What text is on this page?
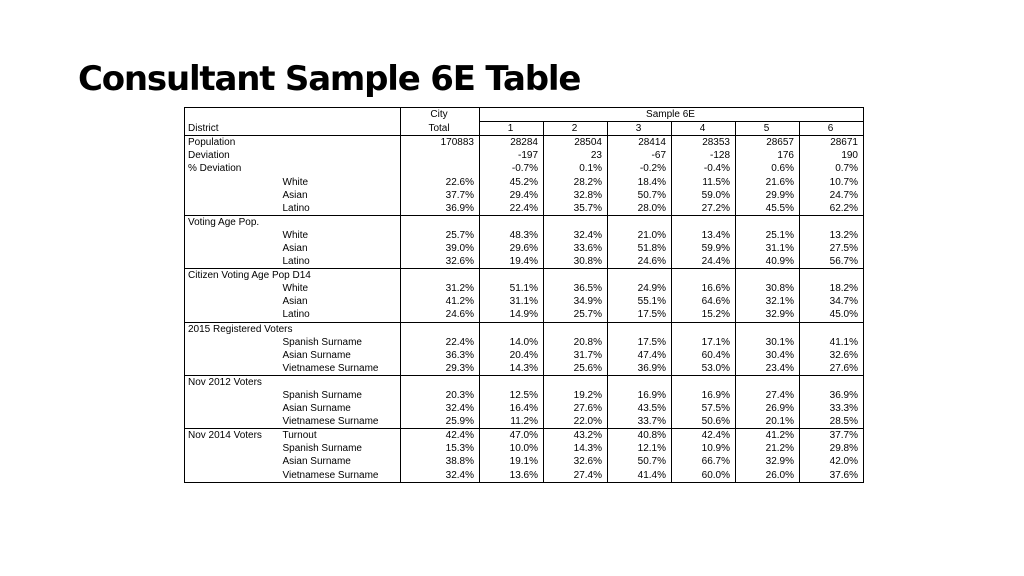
Consultant Sample 6E Table
		City	Sample 6E					
District		Total	1	2	3	4	5	6
Population		170883	28284	28504	28414	28353	28657	28671
Deviation			-197	23	-67	-128	176	190
% Deviation			-0.7%	0.1%	-0.2%	-0.4%	0.6%	0.7%
	White	22.6%	45.2%	28.2%	18.4%	11.5%	21.6%	10.7%
	Asian	37.7%	29.4%	32.8%	50.7%	59.0%	29.9%	24.7%
	Latino	36.9%	22.4%	35.7%	28.0%	27.2%	45.5%	62.2%
Voting Age Pop.								
	White	25.7%	48.3%	32.4%	21.0%	13.4%	25.1%	13.2%
	Asian	39.0%	29.6%	33.6%	51.8%	59.9%	31.1%	27.5%
	Latino	32.6%	19.4%	30.8%	24.6%	24.4%	40.9%	56.7%
Citizen Voting Age Pop D14								
	White	31.2%	51.1%	36.5%	24.9%	16.6%	30.8%	18.2%
	Asian	41.2%	31.1%	34.9%	55.1%	64.6%	32.1%	34.7%
	Latino	24.6%	14.9%	25.7%	17.5%	15.2%	32.9%	45.0%
2015 Registered Voters								
	Spanish Surname	22.4%	14.0%	20.8%	17.5%	17.1%	30.1%	41.1%
	Asian Surname	36.3%	20.4%	31.7%	47.4%	60.4%	30.4%	32.6%
	Vietnamese Surname	29.3%	14.3%	25.6%	36.9%	53.0%	23.4%	27.6%
Nov 2012 Voters								
	Spanish Surname	20.3%	12.5%	19.2%	16.9%	16.9%	27.4%	36.9%
	Asian Surname	32.4%	16.4%	27.6%	43.5%	57.5%	26.9%	33.3%
	Vietnamese Surname	25.9%	11.2%	22.0%	33.7%	50.6%	20.1%	28.5%
Nov 2014 Voters	Turnout	42.4%	47.0%	43.2%	40.8%	42.4%	41.2%	37.7%
	Spanish Surname	15.3%	10.0%	14.3%	12.1%	10.9%	21.2%	29.8%
	Asian Surname	38.8%	19.1%	32.6%	50.7%	66.7%	32.9%	42.0%
	Vietnamese Surname	32.4%	13.6%	27.4%	41.4%	60.0%	26.0%	37.6%
